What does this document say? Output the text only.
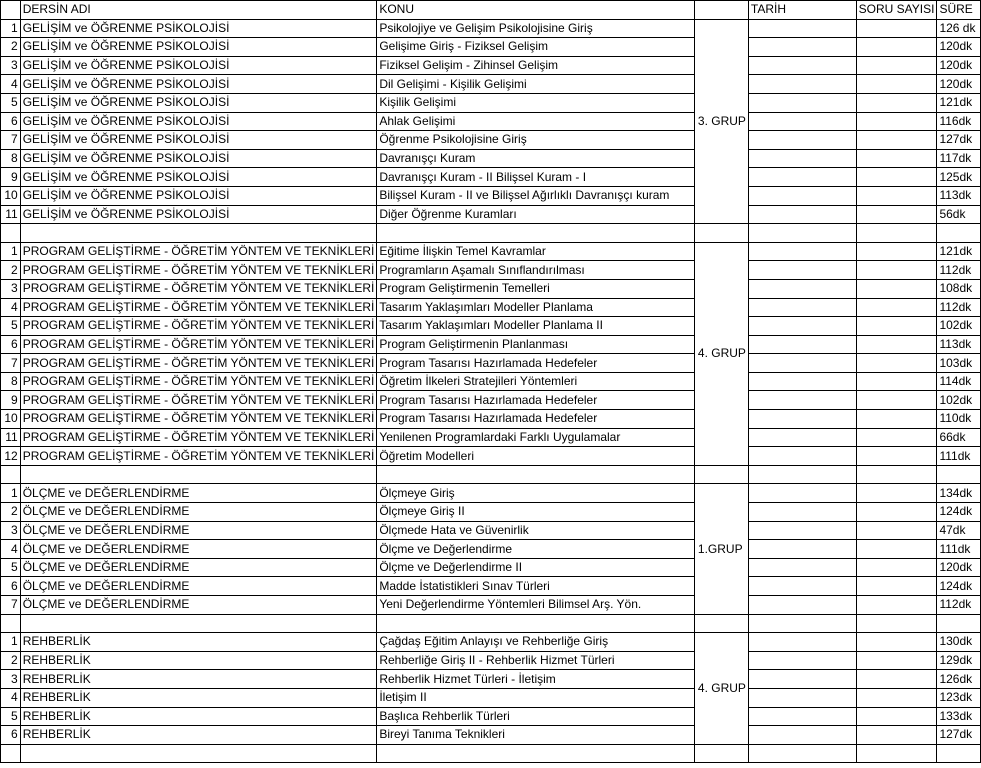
	DERSİN ADI	KONU		TARİH	SORU SAYISI	SÜRE
1	GELİŞİM ve ÖĞRENME PSİKOLOJİSİ	Psikolojiye ve Gelişim Psikolojisine Giriş	3. GRUP			126 dk
2	GELİŞİM ve ÖĞRENME PSİKOLOJİSİ	Gelişime Giriş - Fiziksel Gelişim				120dk
3	GELİŞİM ve ÖĞRENME PSİKOLOJİSİ	Fiziksel Gelişim - Zihinsel Gelişim				120dk
4	GELİŞİM ve ÖĞRENME PSİKOLOJİSİ	Dil Gelişimi - Kişilik Gelişimi				120dk
5	GELİŞİM ve ÖĞRENME PSİKOLOJİSİ	Kişilik Gelişimi				121dk
6	GELİŞİM ve ÖĞRENME PSİKOLOJİSİ	Ahlak Gelişimi				116dk
7	GELİŞİM ve ÖĞRENME PSİKOLOJİSİ	Öğrenme Psikolojisine Giriş				127dk
8	GELİŞİM ve ÖĞRENME PSİKOLOJİSİ	Davranışçı Kuram				117dk
9	GELİŞİM ve ÖĞRENME PSİKOLOJİSİ	Davranışçı Kuram - II Bilişsel Kuram - I				125dk
10	GELİŞİM ve ÖĞRENME PSİKOLOJİSİ	Bilişsel Kuram - II ve Bilişsel Ağırlıklı Davranışçı kuram				113dk
11	GELİŞİM ve ÖĞRENME PSİKOLOJİSİ	Diğer Öğrenme Kuramları				56dk

1	PROGRAM GELİŞTİRME - ÖĞRETİM YÖNTEM VE TEKNİKLERİ	Eğitime İlişkin Temel Kavramlar	4. GRUP			121dk
2	PROGRAM GELİŞTİRME - ÖĞRETİM YÖNTEM VE TEKNİKLERİ	Programların Aşamalı Sınıflandırılması				112dk
3	PROGRAM GELİŞTİRME - ÖĞRETİM YÖNTEM VE TEKNİKLERİ	Program Geliştirmenin Temelleri				108dk
4	PROGRAM GELİŞTİRME - ÖĞRETİM YÖNTEM VE TEKNİKLERİ	Tasarım Yaklaşımları Modeller Planlama				112dk
5	PROGRAM GELİŞTİRME - ÖĞRETİM YÖNTEM VE TEKNİKLERİ	Tasarım Yaklaşımları Modeller Planlama II				102dk
6	PROGRAM GELİŞTİRME - ÖĞRETİM YÖNTEM VE TEKNİKLERİ	Program Geliştirmenin Planlanması				113dk
7	PROGRAM GELİŞTİRME - ÖĞRETİM YÖNTEM VE TEKNİKLERİ	Program Tasarısı Hazırlamada Hedefeler				103dk
8	PROGRAM GELİŞTİRME - ÖĞRETİM YÖNTEM VE TEKNİKLERİ	Öğretim İlkeleri Stratejileri Yöntemleri				114dk
9	PROGRAM GELİŞTİRME - ÖĞRETİM YÖNTEM VE TEKNİKLERİ	Program Tasarısı Hazırlamada Hedefeler				102dk
10	PROGRAM GELİŞTİRME - ÖĞRETİM YÖNTEM VE TEKNİKLERİ	Program Tasarısı Hazırlamada Hedefeler				110dk
11	PROGRAM GELİŞTİRME - ÖĞRETİM YÖNTEM VE TEKNİKLERİ	Yenilenen Programlardaki Farklı Uygulamalar				66dk
12	PROGRAM GELİŞTİRME - ÖĞRETİM YÖNTEM VE TEKNİKLERİ	Öğretim Modelleri				111dk

1	ÖLÇME ve DEĞERLENDİRME	Ölçmeye Giriş	1.GRUP			134dk
2	ÖLÇME ve DEĞERLENDİRME	Ölçmeye Giriş II				124dk
3	ÖLÇME ve DEĞERLENDİRME	Ölçmede Hata ve Güvenirlik				47dk
4	ÖLÇME ve DEĞERLENDİRME	Ölçme ve Değerlendirme				111dk
5	ÖLÇME ve DEĞERLENDİRME	Ölçme ve Değerlendirme II				120dk
6	ÖLÇME ve DEĞERLENDİRME	Madde İstatistikleri Sınav Türleri				124dk
7	ÖLÇME ve DEĞERLENDİRME	Yeni Değerlendirme Yöntemleri Bilimsel Arş. Yön.				112dk

1	REHBERLİK	Çağdaş Eğitim Anlayışı ve Rehberliğe Giriş	4. GRUP			130dk
2	REHBERLİK	Rehberliğe Giriş II - Rehberlik Hizmet Türleri				129dk
3	REHBERLİK	Rehberlik Hizmet Türleri - İletişim				126dk
4	REHBERLİK	İletişim II				123dk
5	REHBERLİK	Başlıca Rehberlik Türleri				133dk
6	REHBERLİK	Bireyi Tanıma Teknikleri				127dk
